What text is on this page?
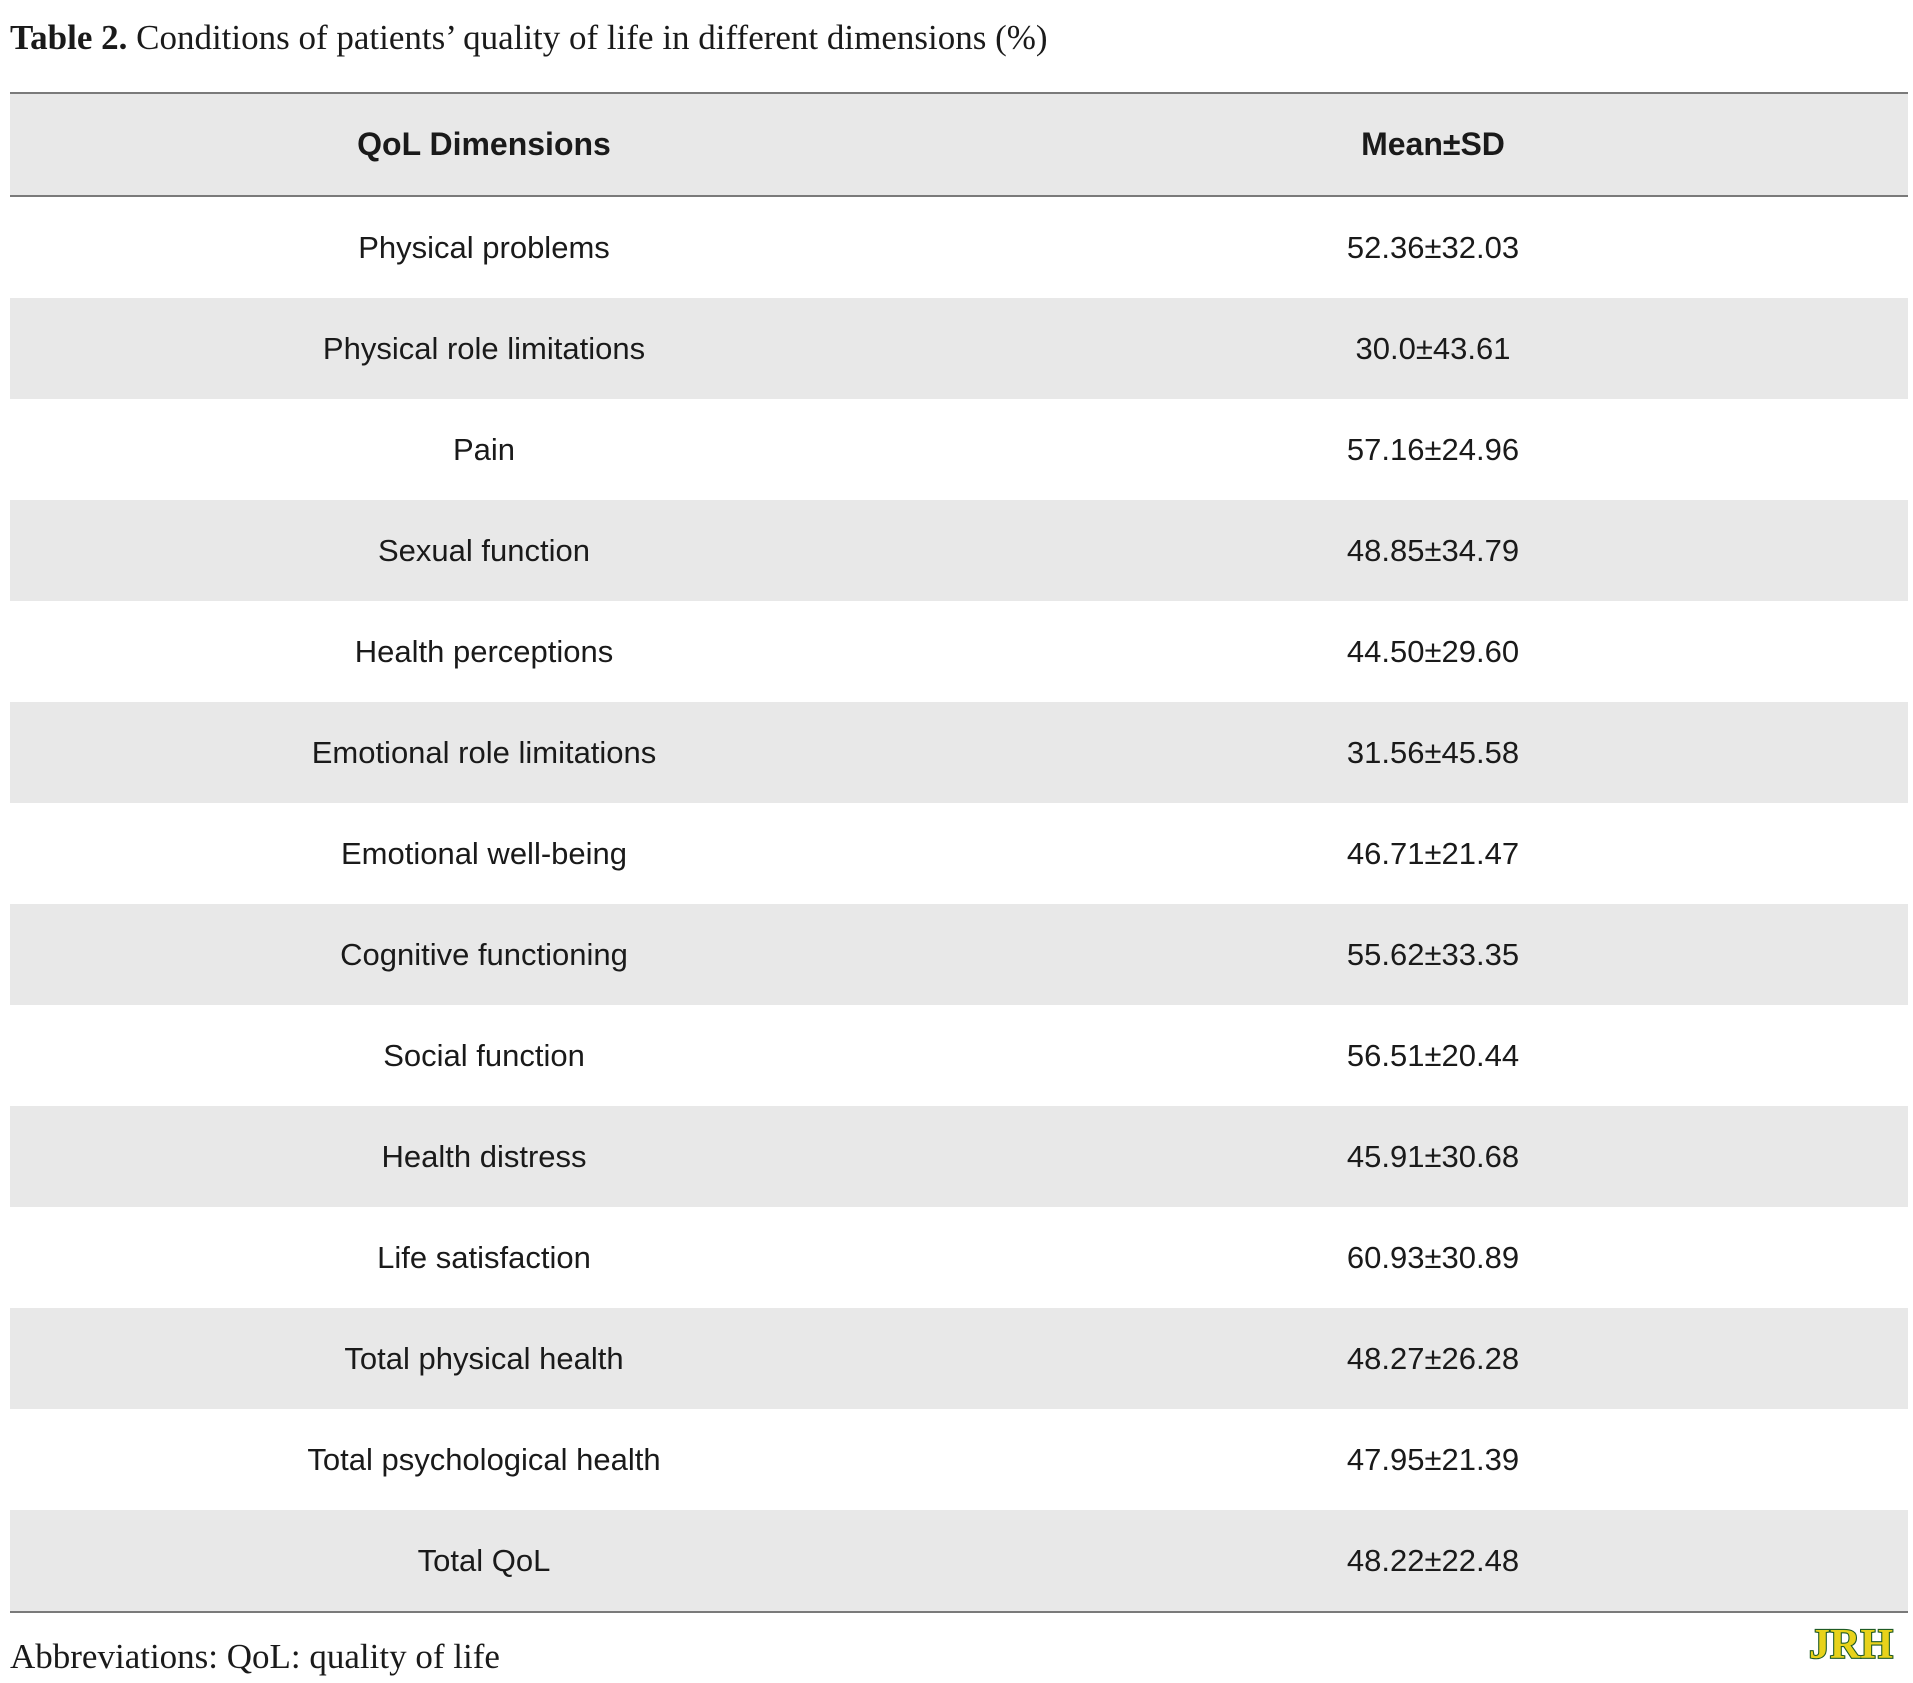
Table 2. Conditions of patients’ quality of life in different dimensions (%)
QoL Dimensions	Mean±SD
Physical problems	52.36±32.03
Physical role limitations	30.0±43.61
Pain	57.16±24.96
Sexual function	48.85±34.79
Health perceptions	44.50±29.60
Emotional role limitations	31.56±45.58
Emotional well-being	46.71±21.47
Cognitive functioning	55.62±33.35
Social function	56.51±20.44
Health distress	45.91±30.68
Life satisfaction	60.93±30.89
Total physical health	48.27±26.28
Total psychological health	47.95±21.39
Total QoL	48.22±22.48
Abbreviations: QoL: quality of life	JRH
